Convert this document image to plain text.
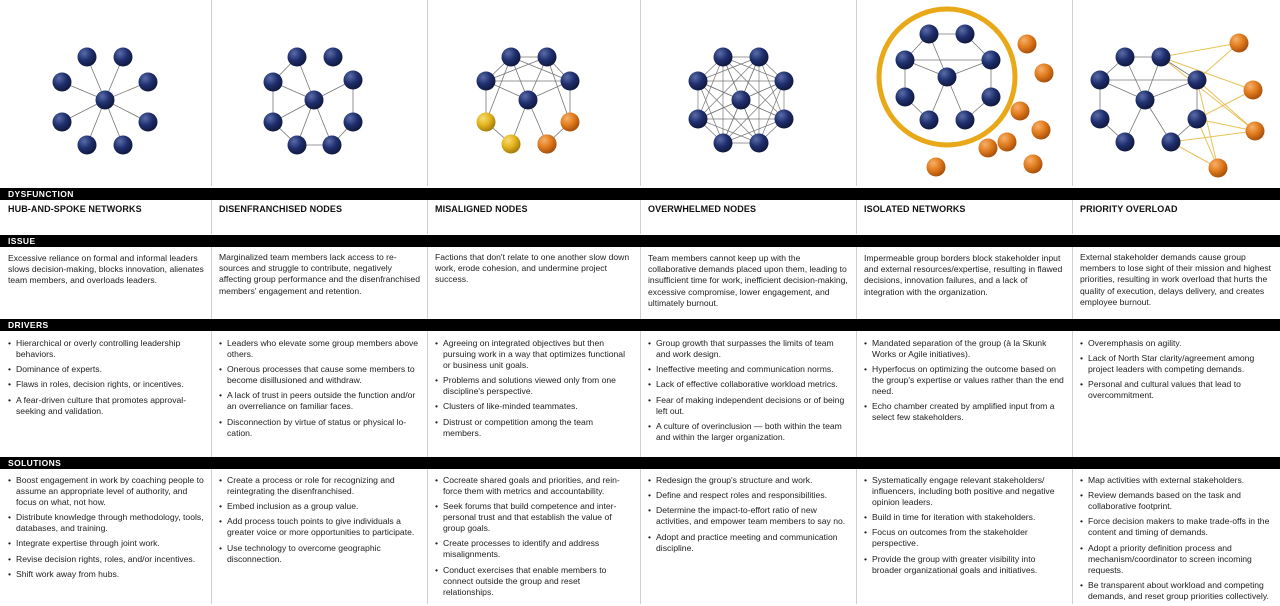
DYSFUNCTION
ISSUE
DRIVERS
SOLUTIONS
HUB-AND-SPOKE NETWORKS
Excessive reliance on formal and informal leaders slows decision-making, blocks innovation, alienates team members, and overloads leaders.
• Hierarchical or overly controlling leadership behaviors.
• Dominance of experts.
• Flaws in roles, decision rights, or incentives.
• A fear-driven culture that promotes approval-seeking and validation.
• Boost engagement in work by coaching people to assume an appropriate level of authority, and focus on what, not how.
• Distribute knowledge through methodology, tools, databases, and training.
• Integrate expertise through joint work.
• Revise decision rights, roles, and/or incentives.
• Shift work away from hubs.
DISENFRANCHISED NODES
Marginalized team members lack access to resources and struggle to contribute, negatively affecting group performance and the disenfranchised members' engagement and retention.
• Leaders who elevate some group members above others.
• Onerous processes that cause some members to become disillusioned and withdraw.
• A lack of trust in peers outside the function and/or an overreliance on familiar faces.
• Disconnection by virtue of status or physical location.
• Create a process or role for recognizing and reintegrating the disenfranchised.
• Embed inclusion as a group value.
• Add process touch points to give individuals a greater voice or more opportunities to participate.
• Use technology to overcome geographic disconnection.
MISALIGNED NODES
Factions that don't relate to one another slow down work, erode cohesion, and undermine project success.
• Agreeing on integrated objectives but then pursuing work in a way that optimizes functional or business unit goals.
• Problems and solutions viewed only from one discipline's perspective.
• Clusters of like-minded teammates.
• Distrust or competition among the team members.
• Cocreate shared goals and priorities, and reinforce them with metrics and accountability.
• Seek forums that build competence and interpersonal trust and that establish the value of group goals.
• Create processes to identify and address misalignments.
• Conduct exercises that enable members to connect outside the group and reset relationships.
OVERWHELMED NODES
Team members cannot keep up with the collaborative demands placed upon them, leading to insufficient time for work, inefficient decision-making, excessive compromise, lower engagement, and ultimately burnout.
• Group growth that surpasses the limits of team and work design.
• Ineffective meeting and communication norms.
• Lack of effective collaborative workload metrics.
• Fear of making independent decisions or of being left out.
• A culture of overinclusion — both within the team and within the larger organization.
• Redesign the group's structure and work.
• Define and respect roles and responsibilities.
• Determine the impact-to-effort ratio of new activities, and empower team members to say no.
• Adopt and practice meeting and communication discipline.
ISOLATED NETWORKS
Impermeable group borders block stakeholder input and external resources/expertise, resulting in flawed decisions, innovation failures, and a lack of integration with the organization.
• Mandated separation of the group (à la Skunk Works or Agile initiatives).
• Hyperfocus on optimizing the outcome based on the group's expertise or values rather than the end need.
• Echo chamber created by amplified input from a select few stakeholders.
• Systematically engage relevant stakeholders/ influencers, including both positive and negative opinion leaders.
• Build in time for iteration with stakeholders.
• Focus on outcomes from the stakeholder perspective.
• Provide the group with greater visibility into broader organizational goals and initiatives.
PRIORITY OVERLOAD
External stakeholder demands cause group members to lose sight of their mission and highest priorities, resulting in work overload that hurts the quality of execution, delays delivery, and creates employee burnout.
• Overemphasis on agility.
• Lack of North Star clarity/agreement among project leaders with competing demands.
• Personal and cultural values that lead to overcommitment.
• Map activities with external stakeholders.
• Review demands based on the task and collaborative footprint.
• Force decision makers to make trade-offs in the content and timing of demands.
• Adopt a priority definition process and mechanism/coordinator to screen incoming requests.
• Be transparent about workload and competing demands, and reset group priorities collectively.
